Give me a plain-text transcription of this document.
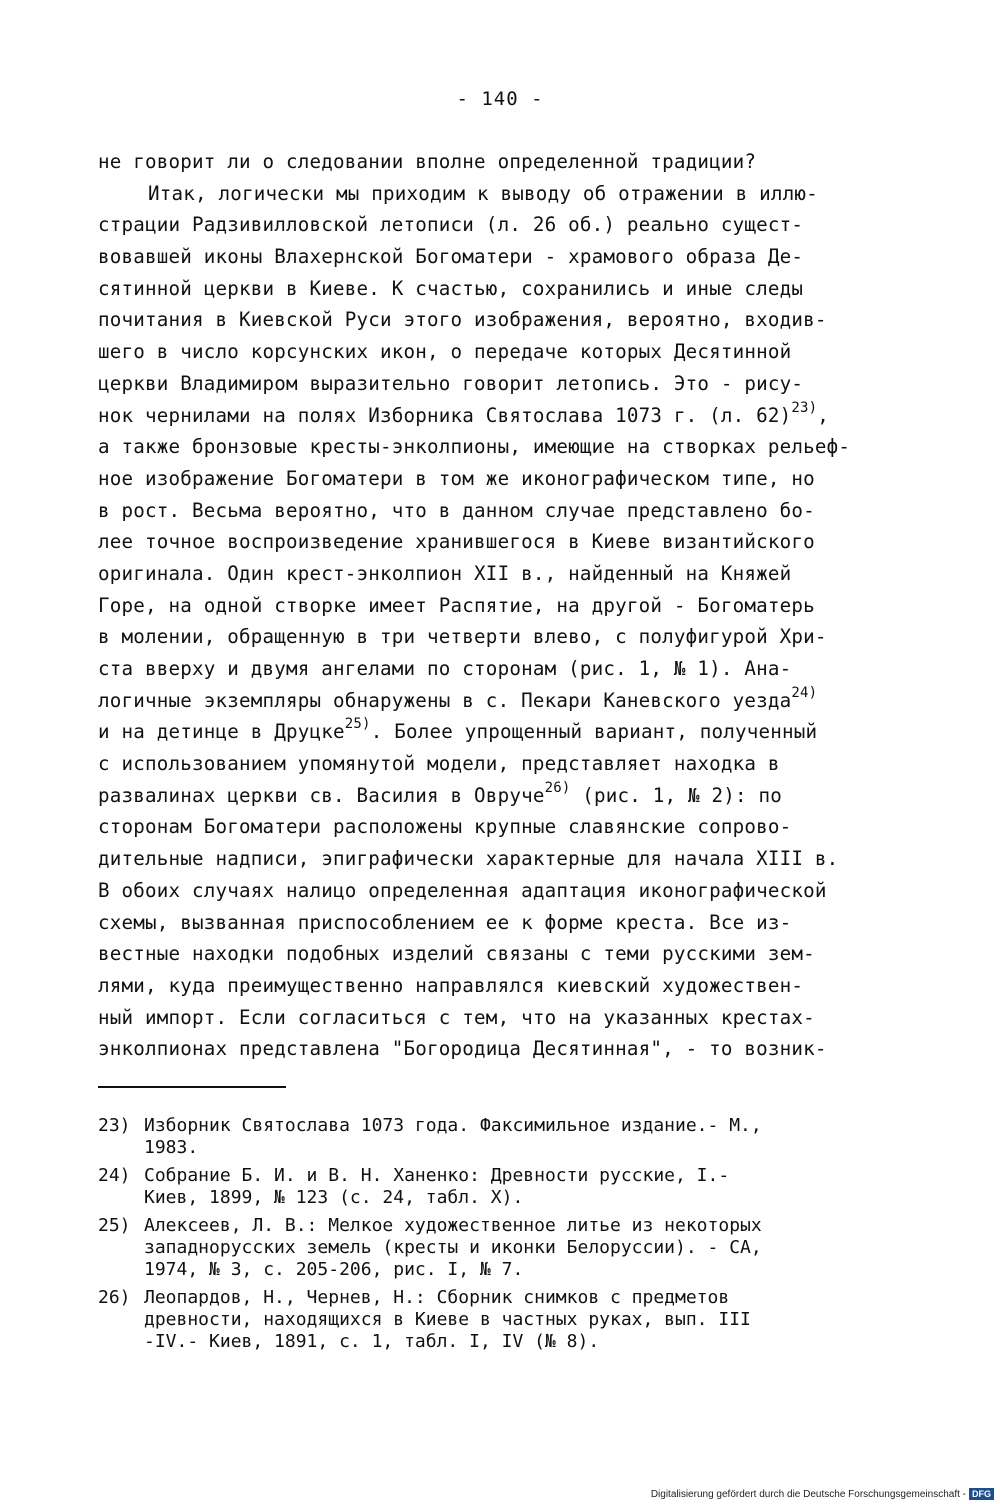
- 140 -
не говорит ли о следовании вполне определенной традиции?
Итак, логически мы приходим к выводу об отражении в иллю-
страции Радзивилловской летописи (л. 26 об.) реально сущест-
вовавшей иконы Влахернской Богоматери - храмового образа Де-
сятинной церкви в Киеве. К счастью, сохранились и иные следы
почитания в Киевской Руси этого изображения, вероятно, входив-
шего в число корсунских икон, о передаче которых Десятинной
церкви Владимиром выразительно говорит летопись. Это - рису-
нок чернилами на полях Изборника Святослава 1073 г. (л. 62)$^{23)}$,
а также бронзовые кресты-энколпионы, имеющие на створках рельеф-
ное изображение Богоматери в том же иконографическом типе, но
в рост. Весьма вероятно, что в данном случае представлено бо-
лее точное воспроизведение хранившегося в Киеве византийского
оригинала. Один крест-энколпион XII в., найденный на Княжей
Горе, на одной створке имеет Распятие, на другой - Богоматерь
в молении, обращенную в три четверти влево, с полуфигурой Хри-
ста вверху и двумя ангелами по сторонам (рис. 1, № 1). Ана-
логичные экземпляры обнаружены в с. Пекари Каневского уезда$^{24)}$
и на детинце в Друцке$^{25)}$. Более упрощенный вариант, полученный
с использованием упомянутой модели, представляет находка в
развалинах церкви св. Василия в Овруче$^{26)}$ (рис. 1, № 2): по
сторонам Богоматери расположены крупные славянские сопрово-
дительные надписи, эпиграфически характерные для начала XIII в.
В обоих случаях налицо определенная адаптация иконографической
схемы, вызванная приспособлением ее к форме креста. Все из-
вестные находки подобных изделий связаны с теми русскими зем-
лями, куда преимущественно направлялся киевский художествен-
ный импорт. Если согласиться с тем, что на указанных крестах-
энколпионах представлена "Богородица Десятинная", - то возник-
23) Изборник Святослава 1073 года. Факсимильное издание.- М.,
1983.
24) Собрание Б. И. и В. Н. Ханенко: Древности русские, I.-
Киев, 1899, № 123 (с. 24, табл. X).
25) Алексеев, Л. В.: Мелкое художественное литье из некоторых
западнорусских земель (кресты и иконки Белоруссии). - СА,
1974, № 3, с. 205-206, рис. I, № 7.
26) Леопардов, Н., Чернев, Н.: Сборник снимков с предметов
древности, находящихся в Киеве в частных руках, вып. III
-IV.- Киев, 1891, с. 1, табл. I, IV (№ 8).
Digitalisierung gefördert durch die Deutsche Forschungsgemeinschaft - DFG
